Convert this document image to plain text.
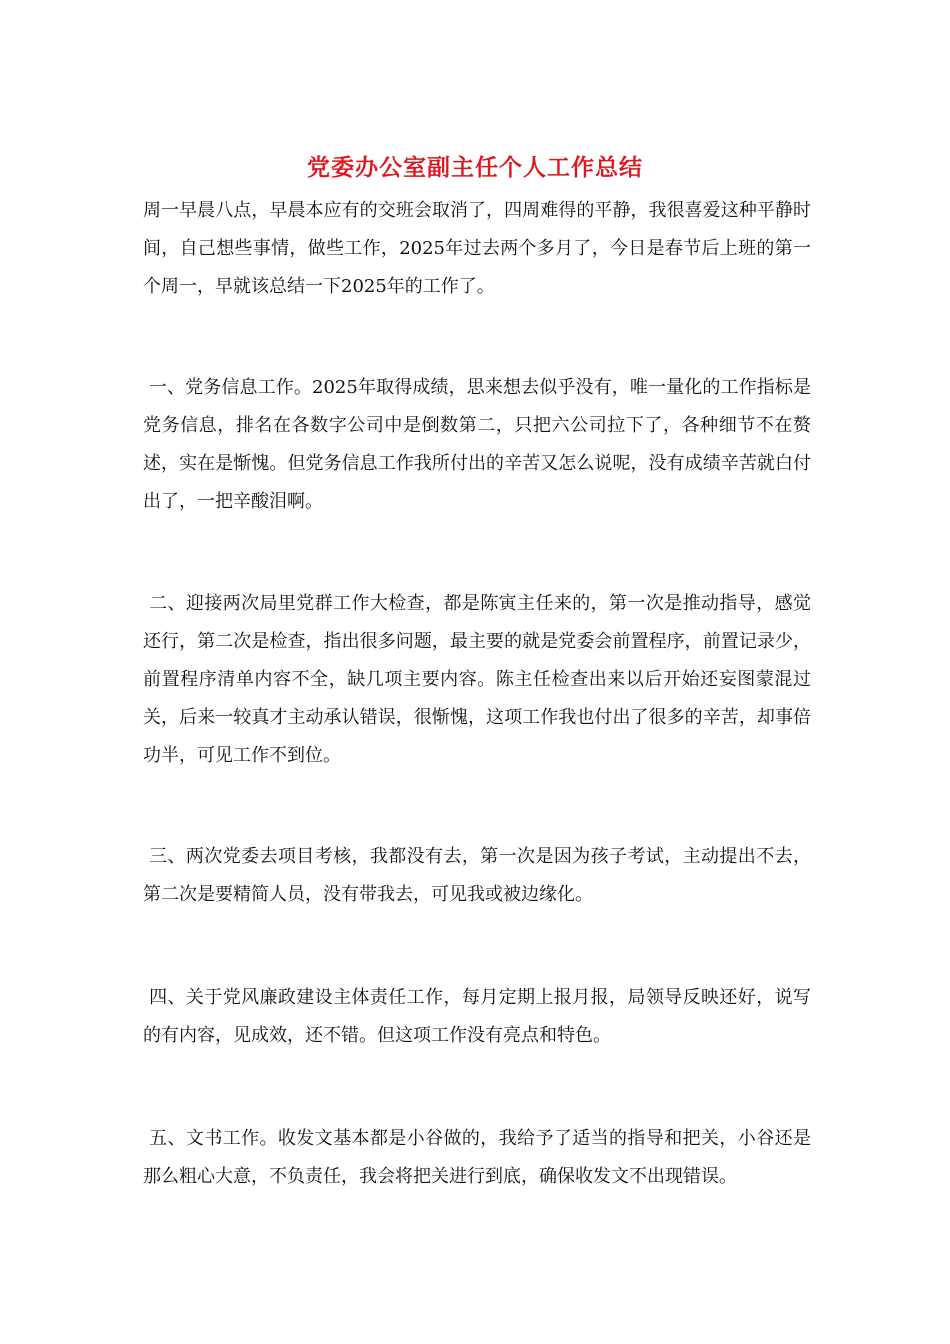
党委办公室副主任个人工作总结

周一早晨八点，早晨本应有的交班会取消了，四周难得的平静，我很喜爱这种平静时间，自己想些事情，做些工作，2025年过去两个多月了，今日是春节后上班的第一个周一，早就该总结一下2025年的工作了。

一、党务信息工作。2025年取得成绩，思来想去似乎没有，唯一量化的工作指标是党务信息，排名在各数字公司中是倒数第二，只把六公司拉下了，各种细节不在赘述，实在是惭愧。但党务信息工作我所付出的辛苦又怎么说呢，没有成绩辛苦就白付出了，一把辛酸泪啊。

二、迎接两次局里党群工作大检查，都是陈寅主任来的，第一次是推动指导，感觉还行，第二次是检查，指出很多问题，最主要的就是党委会前置程序，前置记录少，前置程序清单内容不全，缺几项主要内容。陈主任检查出来以后开始还妄图蒙混过关，后来一较真才主动承认错误，很惭愧，这项工作我也付出了很多的辛苦，却事倍功半，可见工作不到位。

三、两次党委去项目考核，我都没有去，第一次是因为孩子考试，主动提出不去，第二次是要精简人员，没有带我去，可见我或被边缘化。

四、关于党风廉政建设主体责任工作，每月定期上报月报，局领导反映还好，说写的有内容，见成效，还不错。但这项工作没有亮点和特色。

五、文书工作。收发文基本都是小谷做的，我给予了适当的指导和把关，小谷还是那么粗心大意，不负责任，我会将把关进行到底，确保收发文不出现错误。
